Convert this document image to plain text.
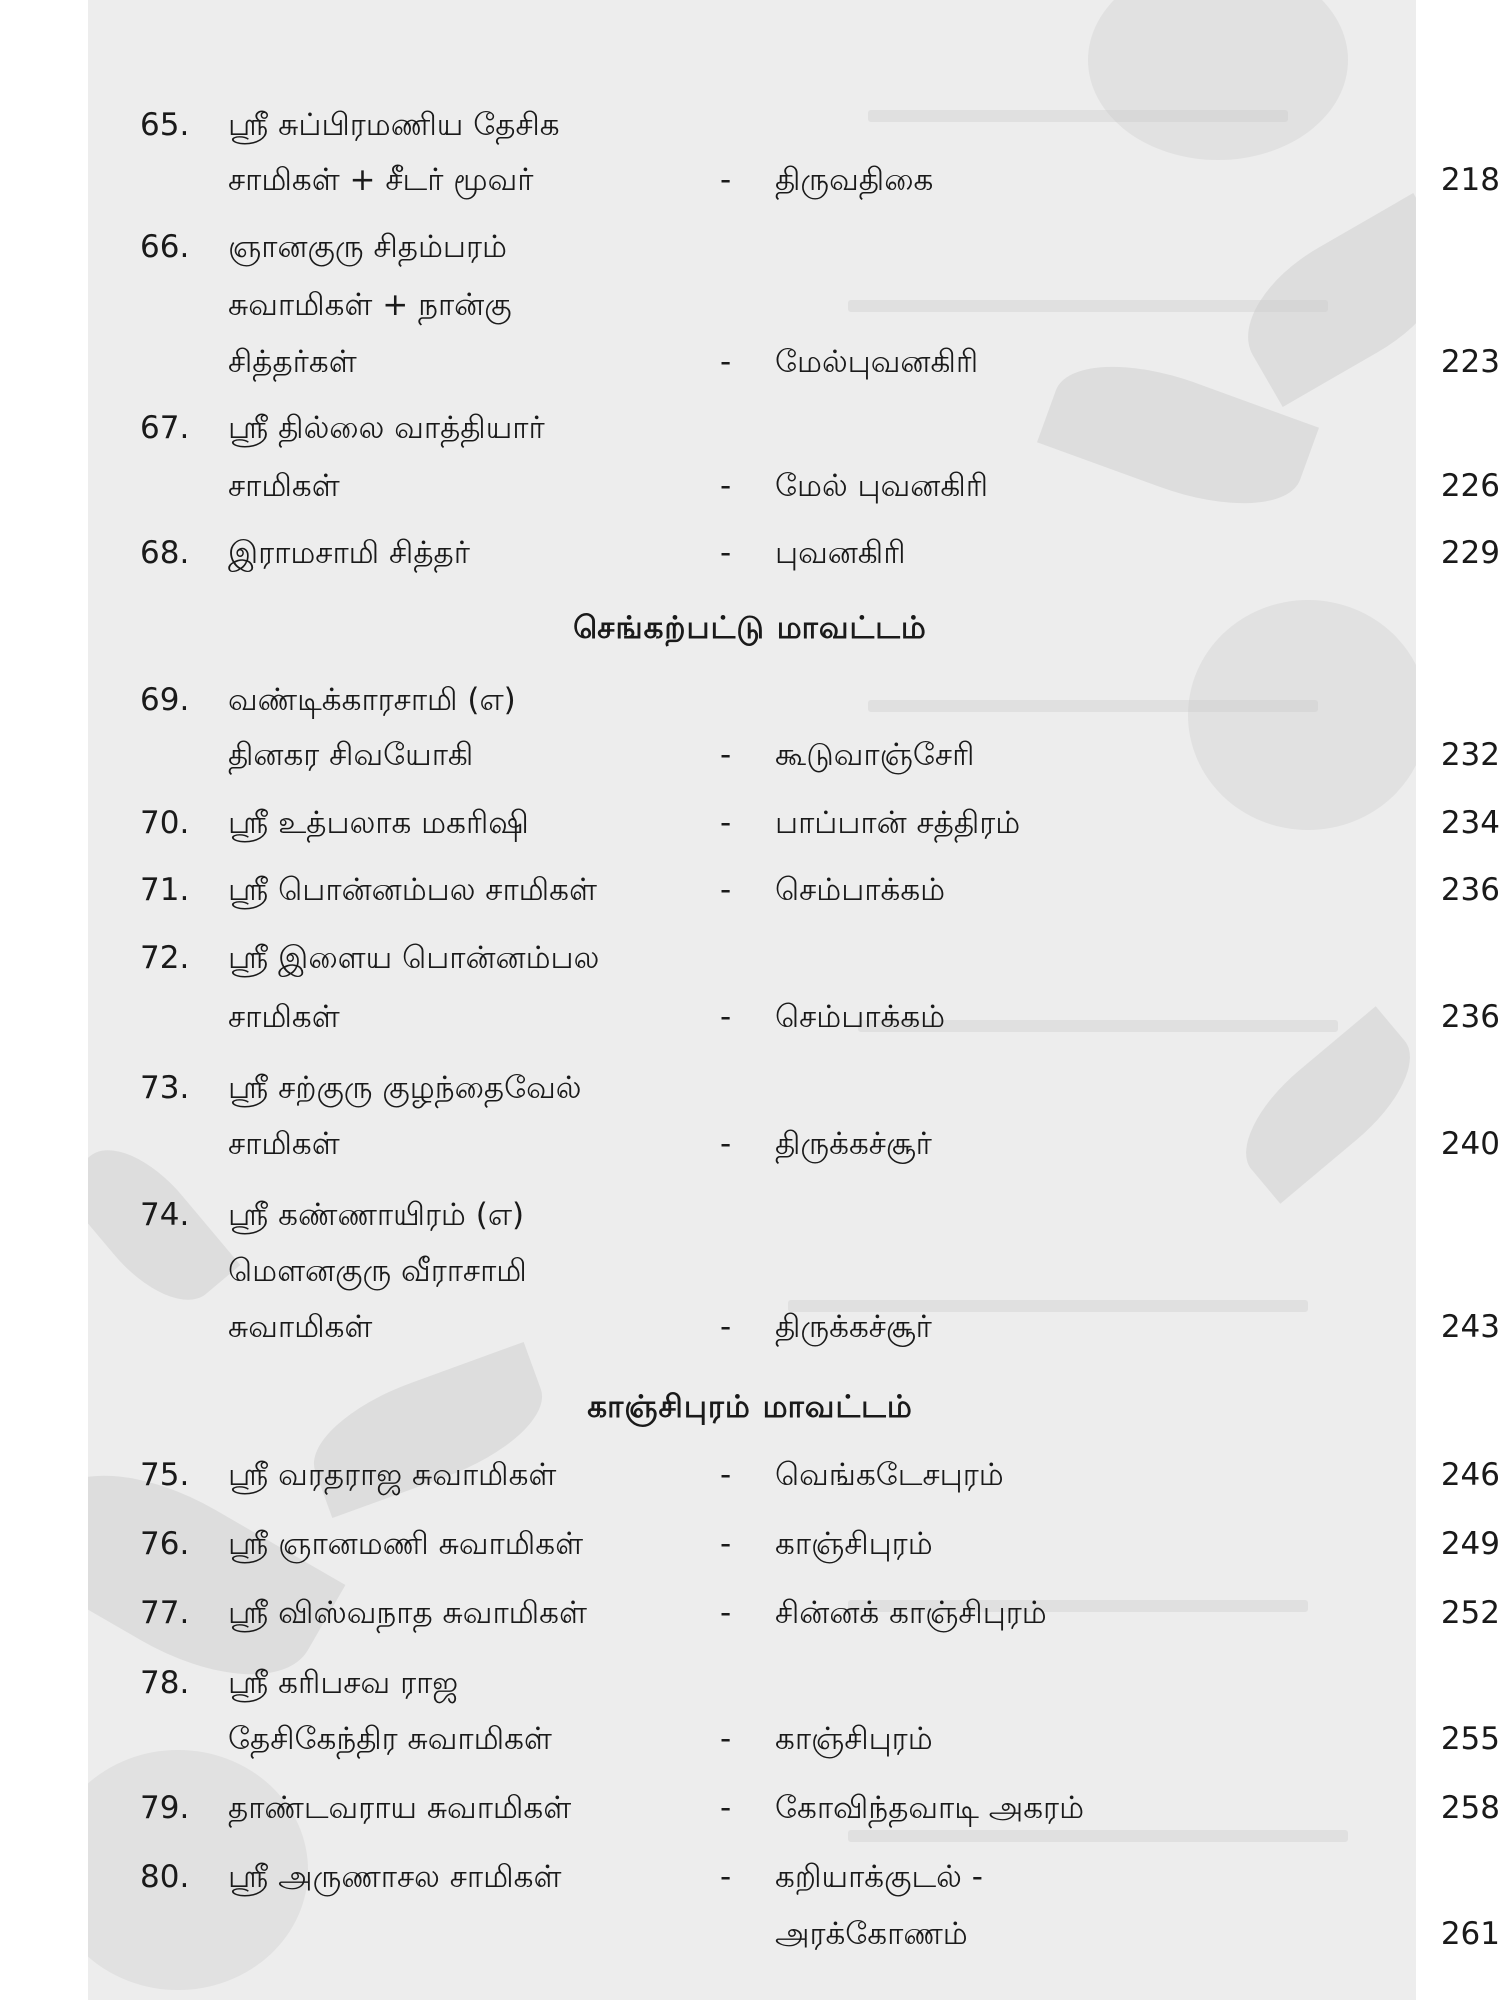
65. ஸ்ரீ சுப்பிரமணிய தேசிக
சாமிகள் + சீடர் மூவர்	- திருவதிகை	218
66. ஞானகுரு சிதம்பரம்
சுவாமிகள் + நான்கு
சித்தர்கள்	- மேல்புவனகிரி	223
67. ஸ்ரீ தில்லை வாத்தியார்
சாமிகள்	- மேல் புவனகிரி	226
68. இராமசாமி சித்தர்	- புவனகிரி	229
செங்கற்பட்டு மாவட்டம்
69. வண்டிக்காரசாமி (எ)
தினகர சிவயோகி	- கூடுவாஞ்சேரி	232
70. ஸ்ரீ உத்பலாக மகரிஷி	- பாப்பான் சத்திரம்	234
71. ஸ்ரீ பொன்னம்பல சாமிகள்	- செம்பாக்கம்	236
72. ஸ்ரீ இளைய பொன்னம்பல
சாமிகள்	- செம்பாக்கம்	236
73. ஸ்ரீ சற்குரு குழந்தைவேல்
சாமிகள்	- திருக்கச்சூர்	240
74. ஸ்ரீ கண்ணாயிரம் (எ)
மௌனகுரு வீராசாமி
சுவாமிகள்	- திருக்கச்சூர்	243
காஞ்சிபுரம் மாவட்டம்
75. ஸ்ரீ வரதராஜ சுவாமிகள்	- வெங்கடேசபுரம்	246
76. ஸ்ரீ ஞானமணி சுவாமிகள்	- காஞ்சிபுரம்	249
77. ஸ்ரீ விஸ்வநாத சுவாமிகள்	- சின்னக் காஞ்சிபுரம்	252
78. ஸ்ரீ கரிபசவ ராஜ
தேசிகேந்திர சுவாமிகள்	- காஞ்சிபுரம்	255
79. தாண்டவராய சுவாமிகள்	- கோவிந்தவாடி அகரம்	258
80. ஸ்ரீ அருணாசல சாமிகள்	- கறியாக்குடல் -
அரக்கோணம்	261
